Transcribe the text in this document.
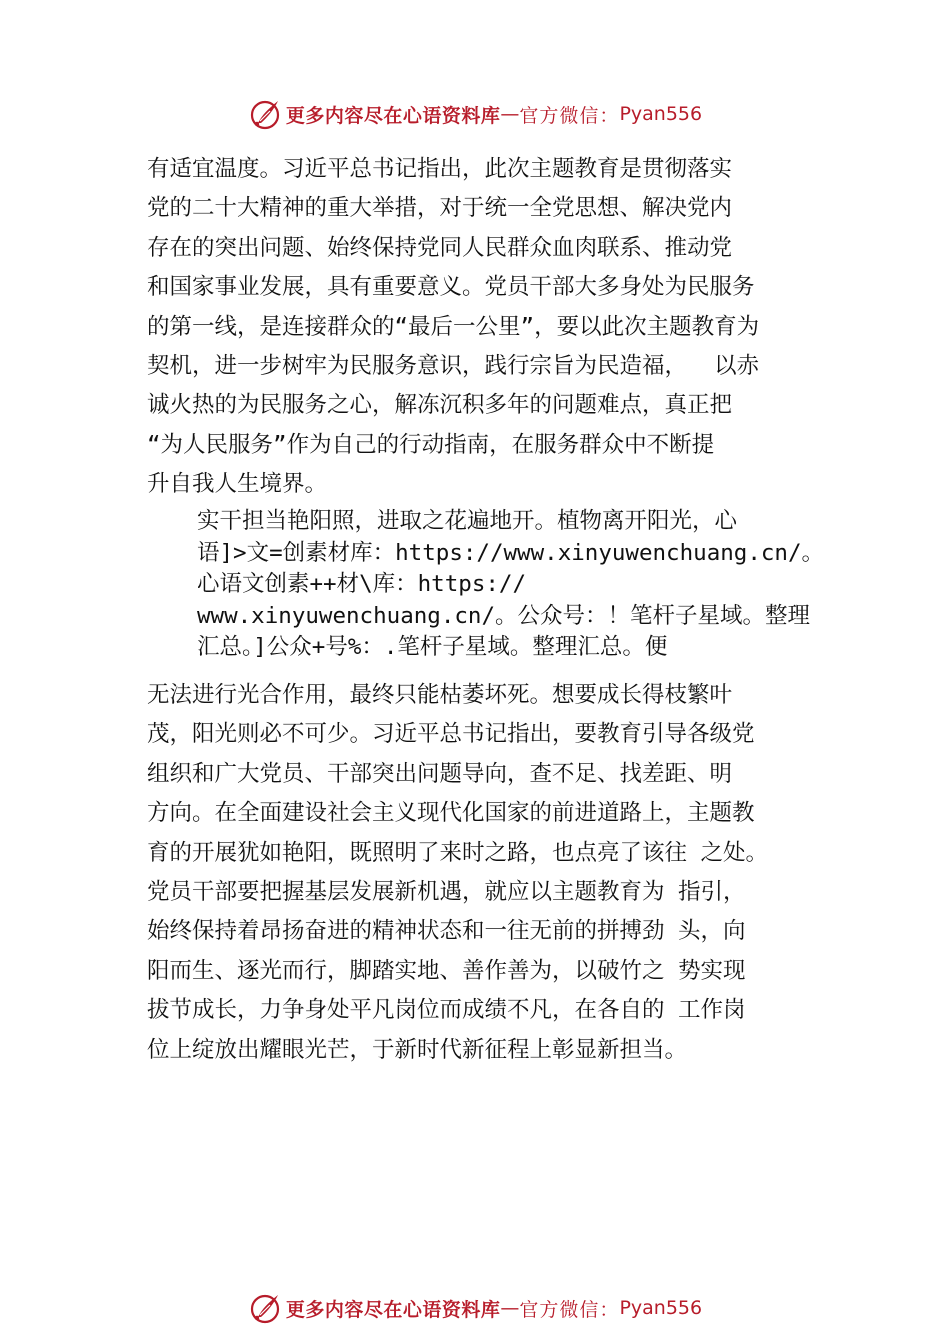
更多内容尽在心语资料库 — 官方微信： Pyan556
有适宜温度。习近平总书记指出，此次主题教育是贯彻落实
党的二十大精神的重大举措，对于统一全党思想、解决党内
存在的突出问题、始终保持党同人民群众血肉联系、推动党
和国家事业发展，具有重要意义。党员干部大多身处为民服务
的第一线，是连接群众的“最后一公里”，要以此次主题教育为
契机，进一步树牢为民服务意识，践行宗旨为民造福，  以赤
诚火热的为民服务之心，解冻沉积多年的问题难点，真正把
“为人民服务”作为自己的行动指南，在服务群众中不断提
升自我人生境界。
实干担当艳阳照，进取之花遍地开。植物离开阳光，心
语]>文=创素材库：https://www.xinyuwenchuang.cn/。
心语文创素++材\库：https://
www.xinyuwenchuang.cn/。公众号：！笔杆子星域。整理
汇总。]公众+号%：.笔杆子星域。整理汇总。便
无法进行光合作用，最终只能枯萎坏死。想要成长得枝繁叶
茂，阳光则必不可少。习近平总书记指出，要教育引导各级党
组织和广大党员、干部突出问题导向，查不足、找差距、明
方向。在全面建设社会主义现代化国家的前进道路上，主题教
育的开展犹如艳阳，既照明了来时之路，也点亮了该往 之处。
党员干部要把握基层发展新机遇，就应以主题教育为 指引，
始终保持着昂扬奋进的精神状态和一往无前的拼搏劲 头，向
阳而生、逐光而行，脚踏实地、善作善为，以破竹之 势实现
拔节成长，力争身处平凡岗位而成绩不凡，在各自的 工作岗
位上绽放出耀眼光芒，于新时代新征程上彰显新担当。
更多内容尽在心语资料库 — 官方微信： Pyan556
